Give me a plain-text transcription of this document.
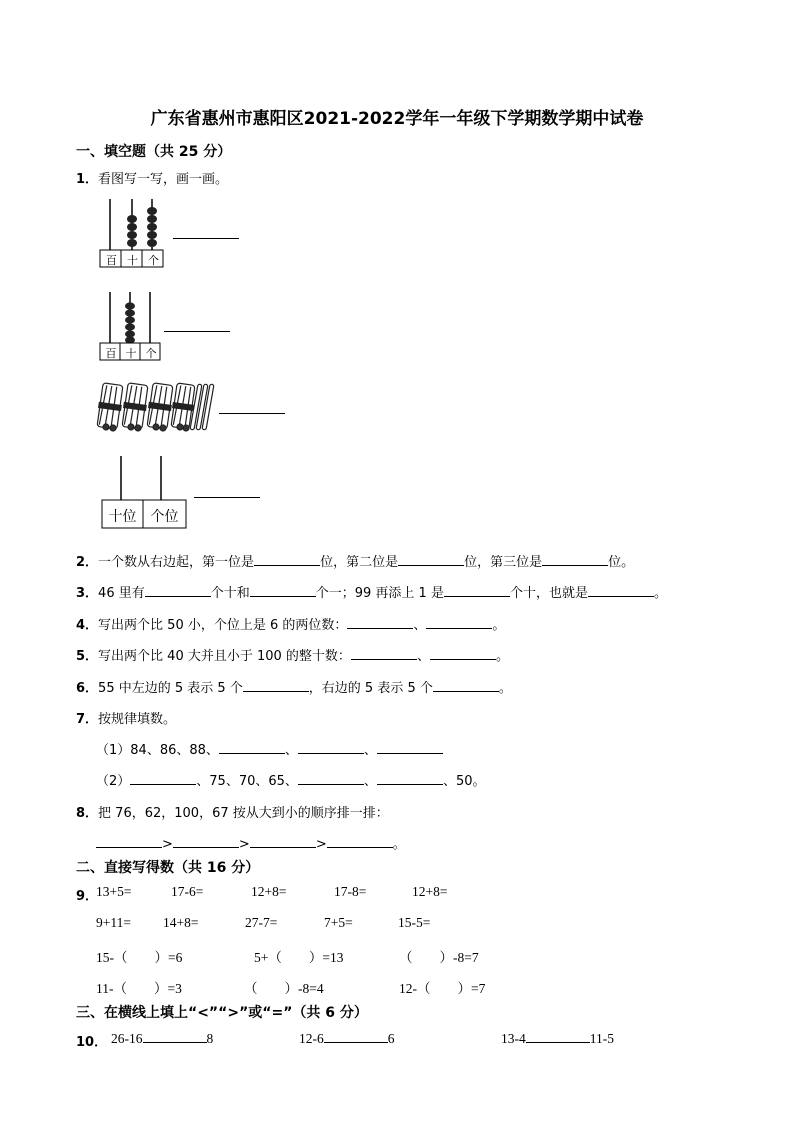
广东省惠州市惠阳区2021-2022学年一年级下学期数学期中试卷
一、填空题（共 25 分）
1．看图写一写，画一画。
百 十 个
百 十 个
十位	个位
2．一个数从右边起，第一位是	位，第二位是	位，第三位是	位。
3．46 里有	个十和	个一；99 再添上 1 是	个十，也就是	。
4．写出两个比 50 小，个位上是 6 的两位数：	、	。
5．写出两个比 40 大并且小于 100 的整十数：	、	。
6．55 中左边的 5 表示 5 个	，右边的 5 表示 5 个	。
7．按规律填数。
（1）84、86、88、	、	、
（2）	、75、70、65、	、	、50。
8．把 76，62，100，67 按从大到小的顺序排一排：
>	>	>	。
二、直接写得数（共 16 分）
9．
13+5=	17-6=	12+8=	17-8=	12+8=
9+11= 14+8=	27-7=	7+5=	15-5=
15-（　　）=6	5+（　　）=13	（　　）-8=7
11-（　　）=3	（　　）-8=4	12-（　　）=7
三、在横线上填上“<”“>”或“=”（共 6 分）
10． 26-16	8	12-6	6	13-4	11-5
